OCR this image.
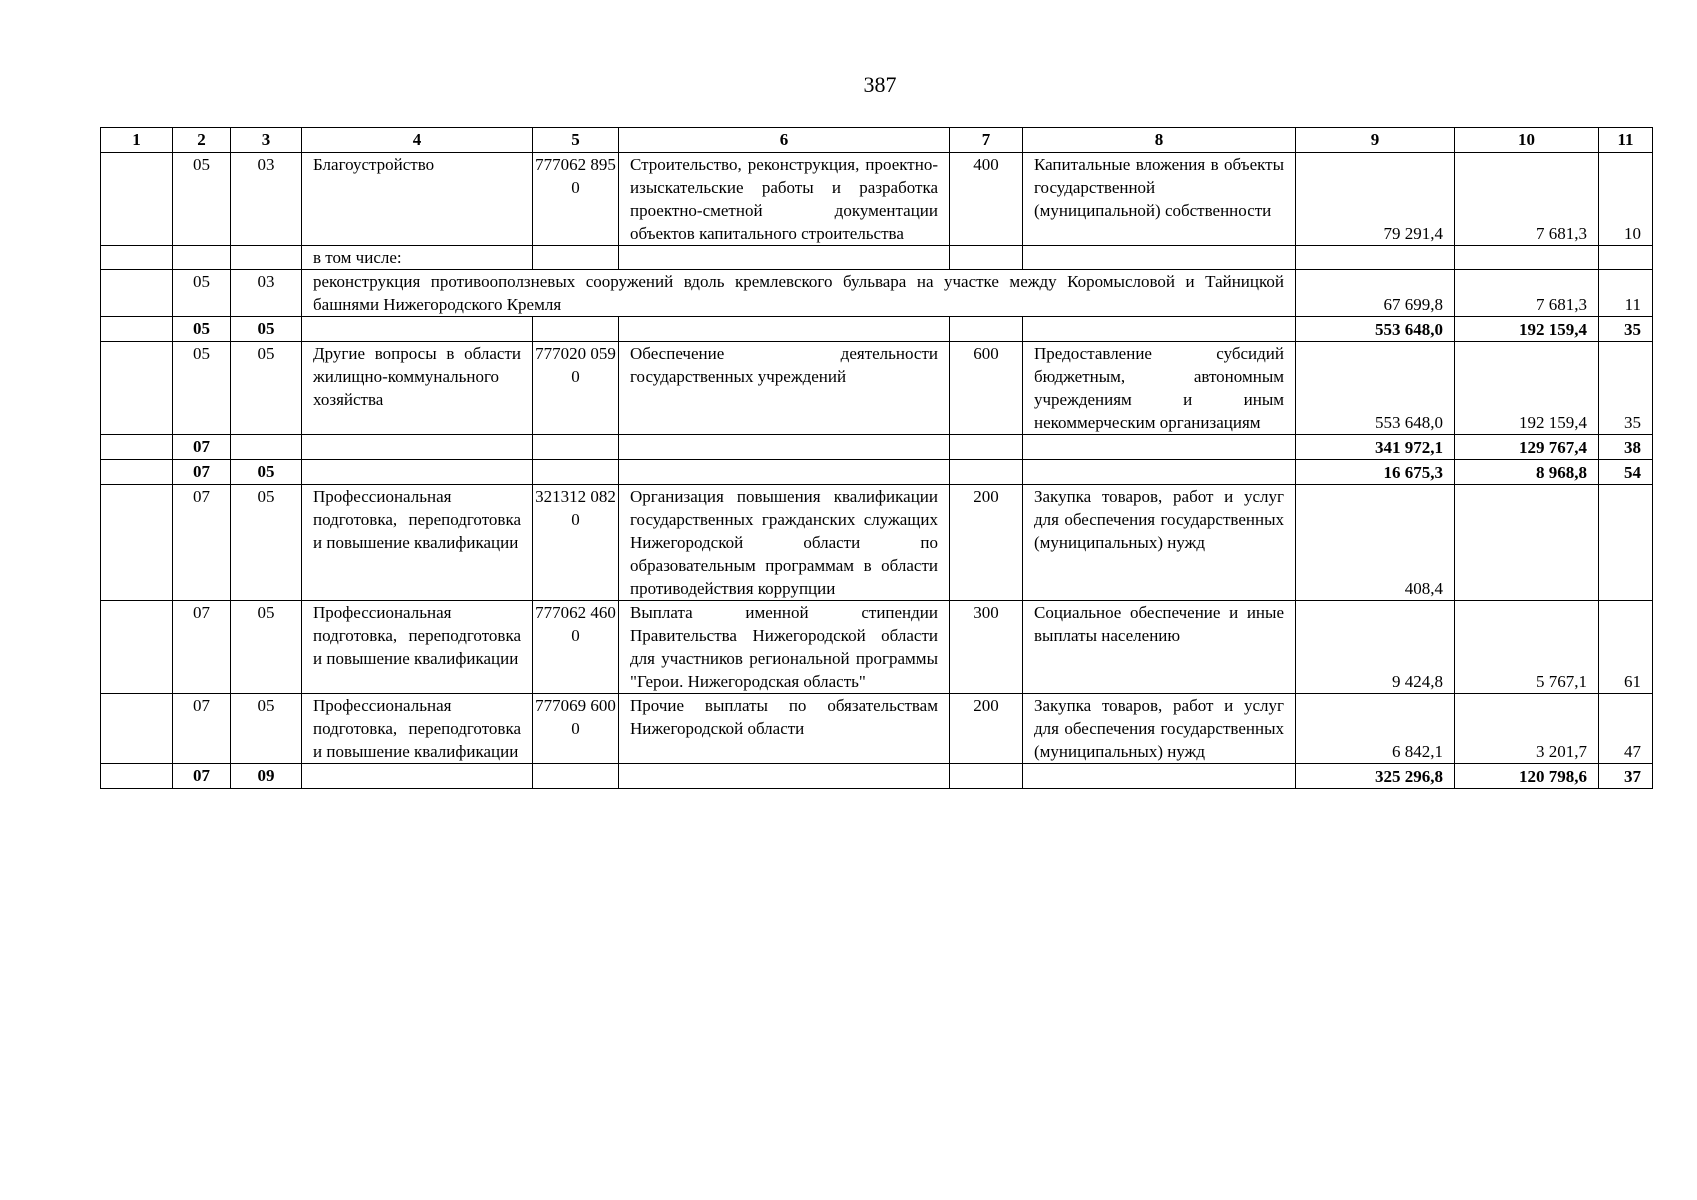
387
1	2	3	4	5	6	7	8	9	10	11
	05	03	Благоустройство	777062 8950	Строительство, реконструкция, проектно-изыскательские работы и разработка проектно-сметной документации объектов капитального строительства	400	Капитальные вложения в объекты государственной (муниципальной) собственности	79 291,4	7 681,3	10
			в том числе:							
	05	03	реконструкция противооползневых сооружений вдоль кремлевского бульвара на участке между Коромысловой и Тайницкой башнями Нижегородского Кремля					67 699,8	7 681,3	11
	05	05						553 648,0	192 159,4	35
	05	05	Другие вопросы в области жилищно-коммунального хозяйства	777020 0590	Обеспечение деятельности государственных учреждений	600	Предоставление субсидий бюджетным, автономным учреждениям и иным некоммерческим организациям	553 648,0	192 159,4	35
	07							341 972,1	129 767,4	38
	07	05						16 675,3	8 968,8	54
	07	05	Профессиональная подготовка, переподготовка и повышение квалификации	321312 0820	Организация повышения квалификации государственных гражданских служащих Нижегородской области по образовательным программам в области противодействия коррупции	200	Закупка товаров, работ и услуг для обеспечения государственных (муниципальных) нужд	408,4		
	07	05	Профессиональная подготовка, переподготовка и повышение квалификации	777062 4600	Выплата именной стипендии Правительства Нижегородской области для участников региональной программы "Герои. Нижегородская область"	300	Социальное обеспечение и иные выплаты населению	9 424,8	5 767,1	61
	07	05	Профессиональная подготовка, переподготовка и повышение квалификации	777069 6000	Прочие выплаты по обязательствам Нижегородской области	200	Закупка товаров, работ и услуг для обеспечения государственных (муниципальных) нужд	6 842,1	3 201,7	47
	07	09						325 296,8	120 798,6	37
